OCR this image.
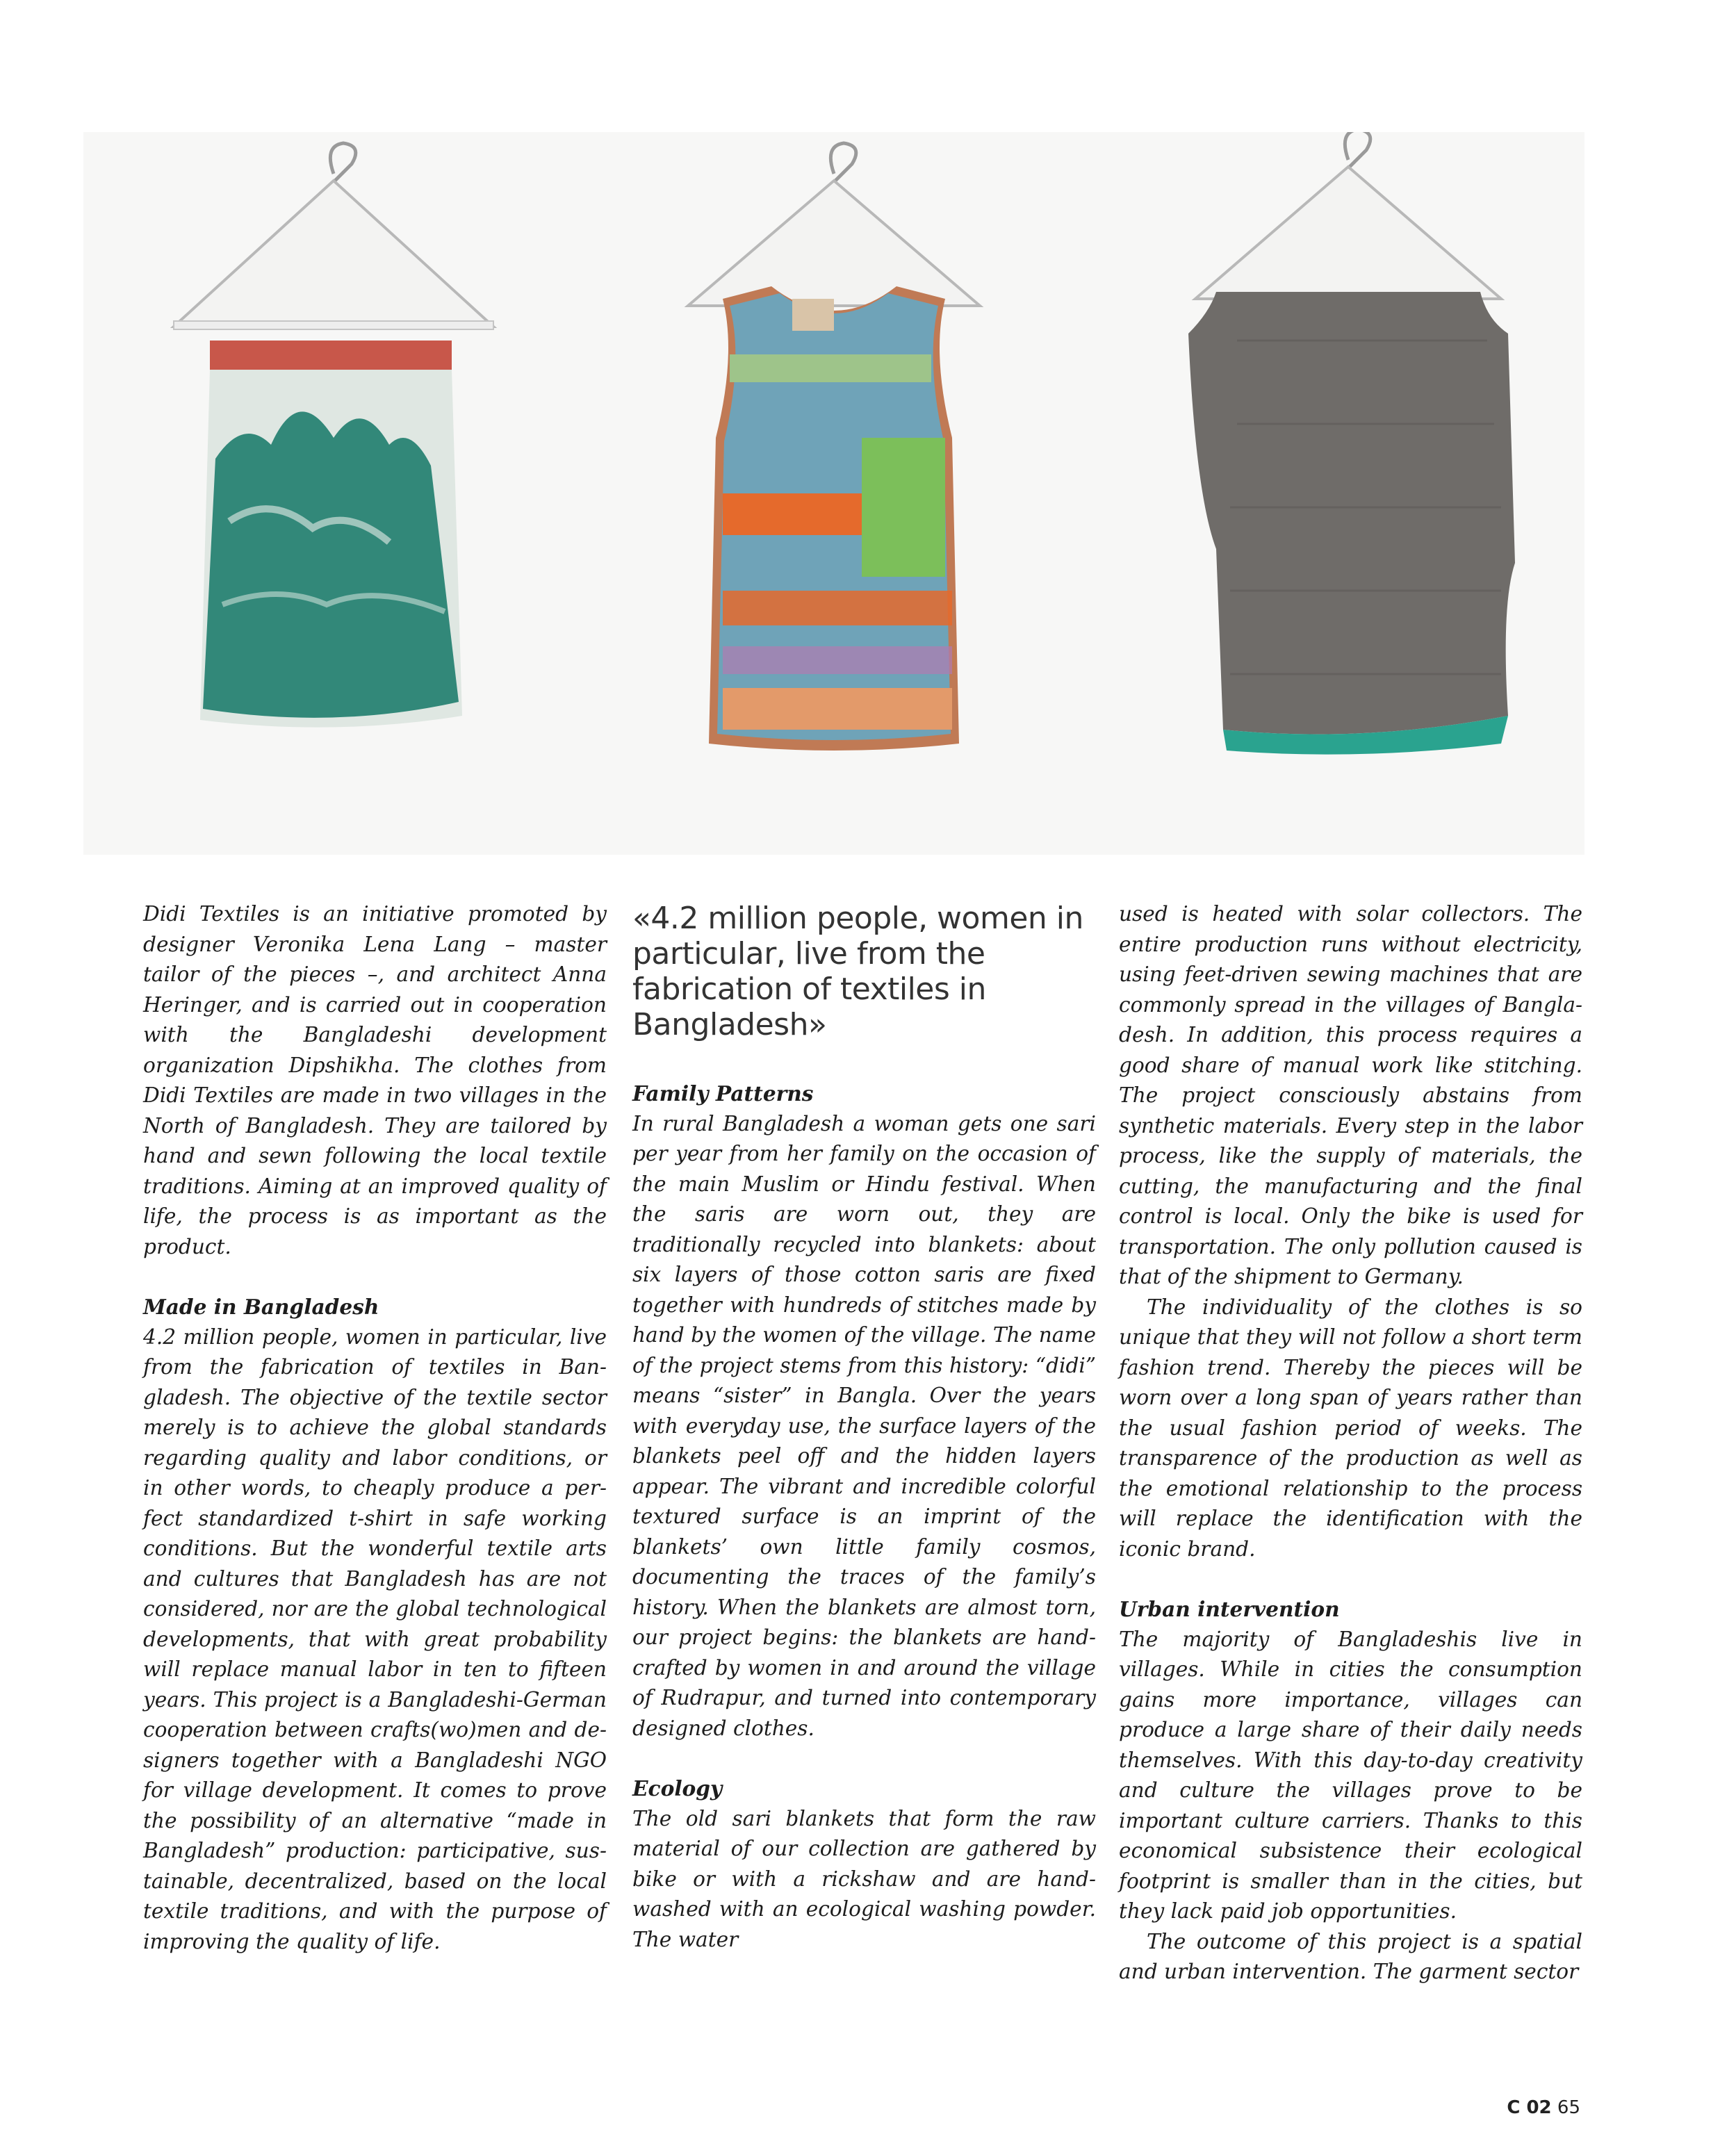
Didi Textiles is an initiative promoted by designer Veronika Lena Lang – master tailor of the pieces –, and architect Anna Heringer, and is carried out in cooperation with the Bangladeshi development organization Dipshikha. The clothes from Didi Textiles are made in two villages in the North of Bangladesh. They are tailored by hand and sewn following the local textile traditions. Aiming at an improved quality of life, the process is as important as the product.

Made in Bangladesh

4.2 million people, women in particular, live from the fabrication of textiles in Bangladesh. The objective of the textile sector merely is to achieve the global standards regarding quality and labor conditions, or in other words, to cheaply produce a perfect standardized t-shirt in safe working conditions. But the wonderful textile arts and cultures that Bangladesh has are not considered, nor are the global technological developments, that with great probability will replace manual labor in ten to fifteen years. This project is a Bangladeshi-German cooperation between crafts(wo)men and designers together with a Bangladeshi NGO for village development. It comes to prove the possibility of an alternative “made in Bangladesh” production: participative, sustainable, decentralized, based on the local textile traditions, and with the purpose of improving the quality of life.

«4.2 million people, women in particular, live from the fabrication of textiles in Bangladesh»
Family Patterns

In rural Bangladesh a woman gets one sari per year from her family on the occasion of the main Muslim or Hindu festival. When the saris are worn out, they are traditionally recycled into blankets: about six layers of those cotton saris are fixed together with hundreds of stitches made by hand by the women of the village. The name of the project stems from this history: “didi” means “sister” in Bangla. Over the years with everyday use, the surface layers of the blankets peel off and the hidden layers appear. The vibrant and incredible colorful textured surface is an imprint of the blankets’ own little family cosmos, documenting the traces of the family’s history. When the blankets are almost torn, our project begins: the blankets are handcrafted by women in and around the village of Rudrapur, and turned into contemporary designed clothes.

Ecology

The old sari blankets that form the raw material of our collection are gathered by bike or with a rickshaw and are hand-washed with an ecological washing powder. The water

used is heated with solar collectors. The entire production runs without electricity, using feet-driven sewing machines that are commonly spread in the villages of Bangladesh. In addition, this process requires a good share of manual work like stitching. The project consciously abstains from synthetic materials. Every step in the labor process, like the supply of materials, the cutting, the manufacturing and the final control is local. Only the bike is used for transportation. The only pollution caused is that of the shipment to Germany.

The individuality of the clothes is so unique that they will not follow a short term fashion trend. Thereby the pieces will be worn over a long span of years rather than the usual fashion period of weeks. The transparence of the production as well as the emotional relationship to the process will replace the identification with the iconic brand.

Urban intervention

The majority of Bangladeshis live in villages. While in cities the consumption gains more importance, villages can produce a large share of their daily needs themselves. With this day-to-day creativity and culture the villages prove to be important culture carriers. Thanks to this economical subsistence their ecological footprint is smaller than in the cities, but they lack paid job opportunities.

The outcome of this project is a spatial and urban intervention. The garment sector

C 02 65
